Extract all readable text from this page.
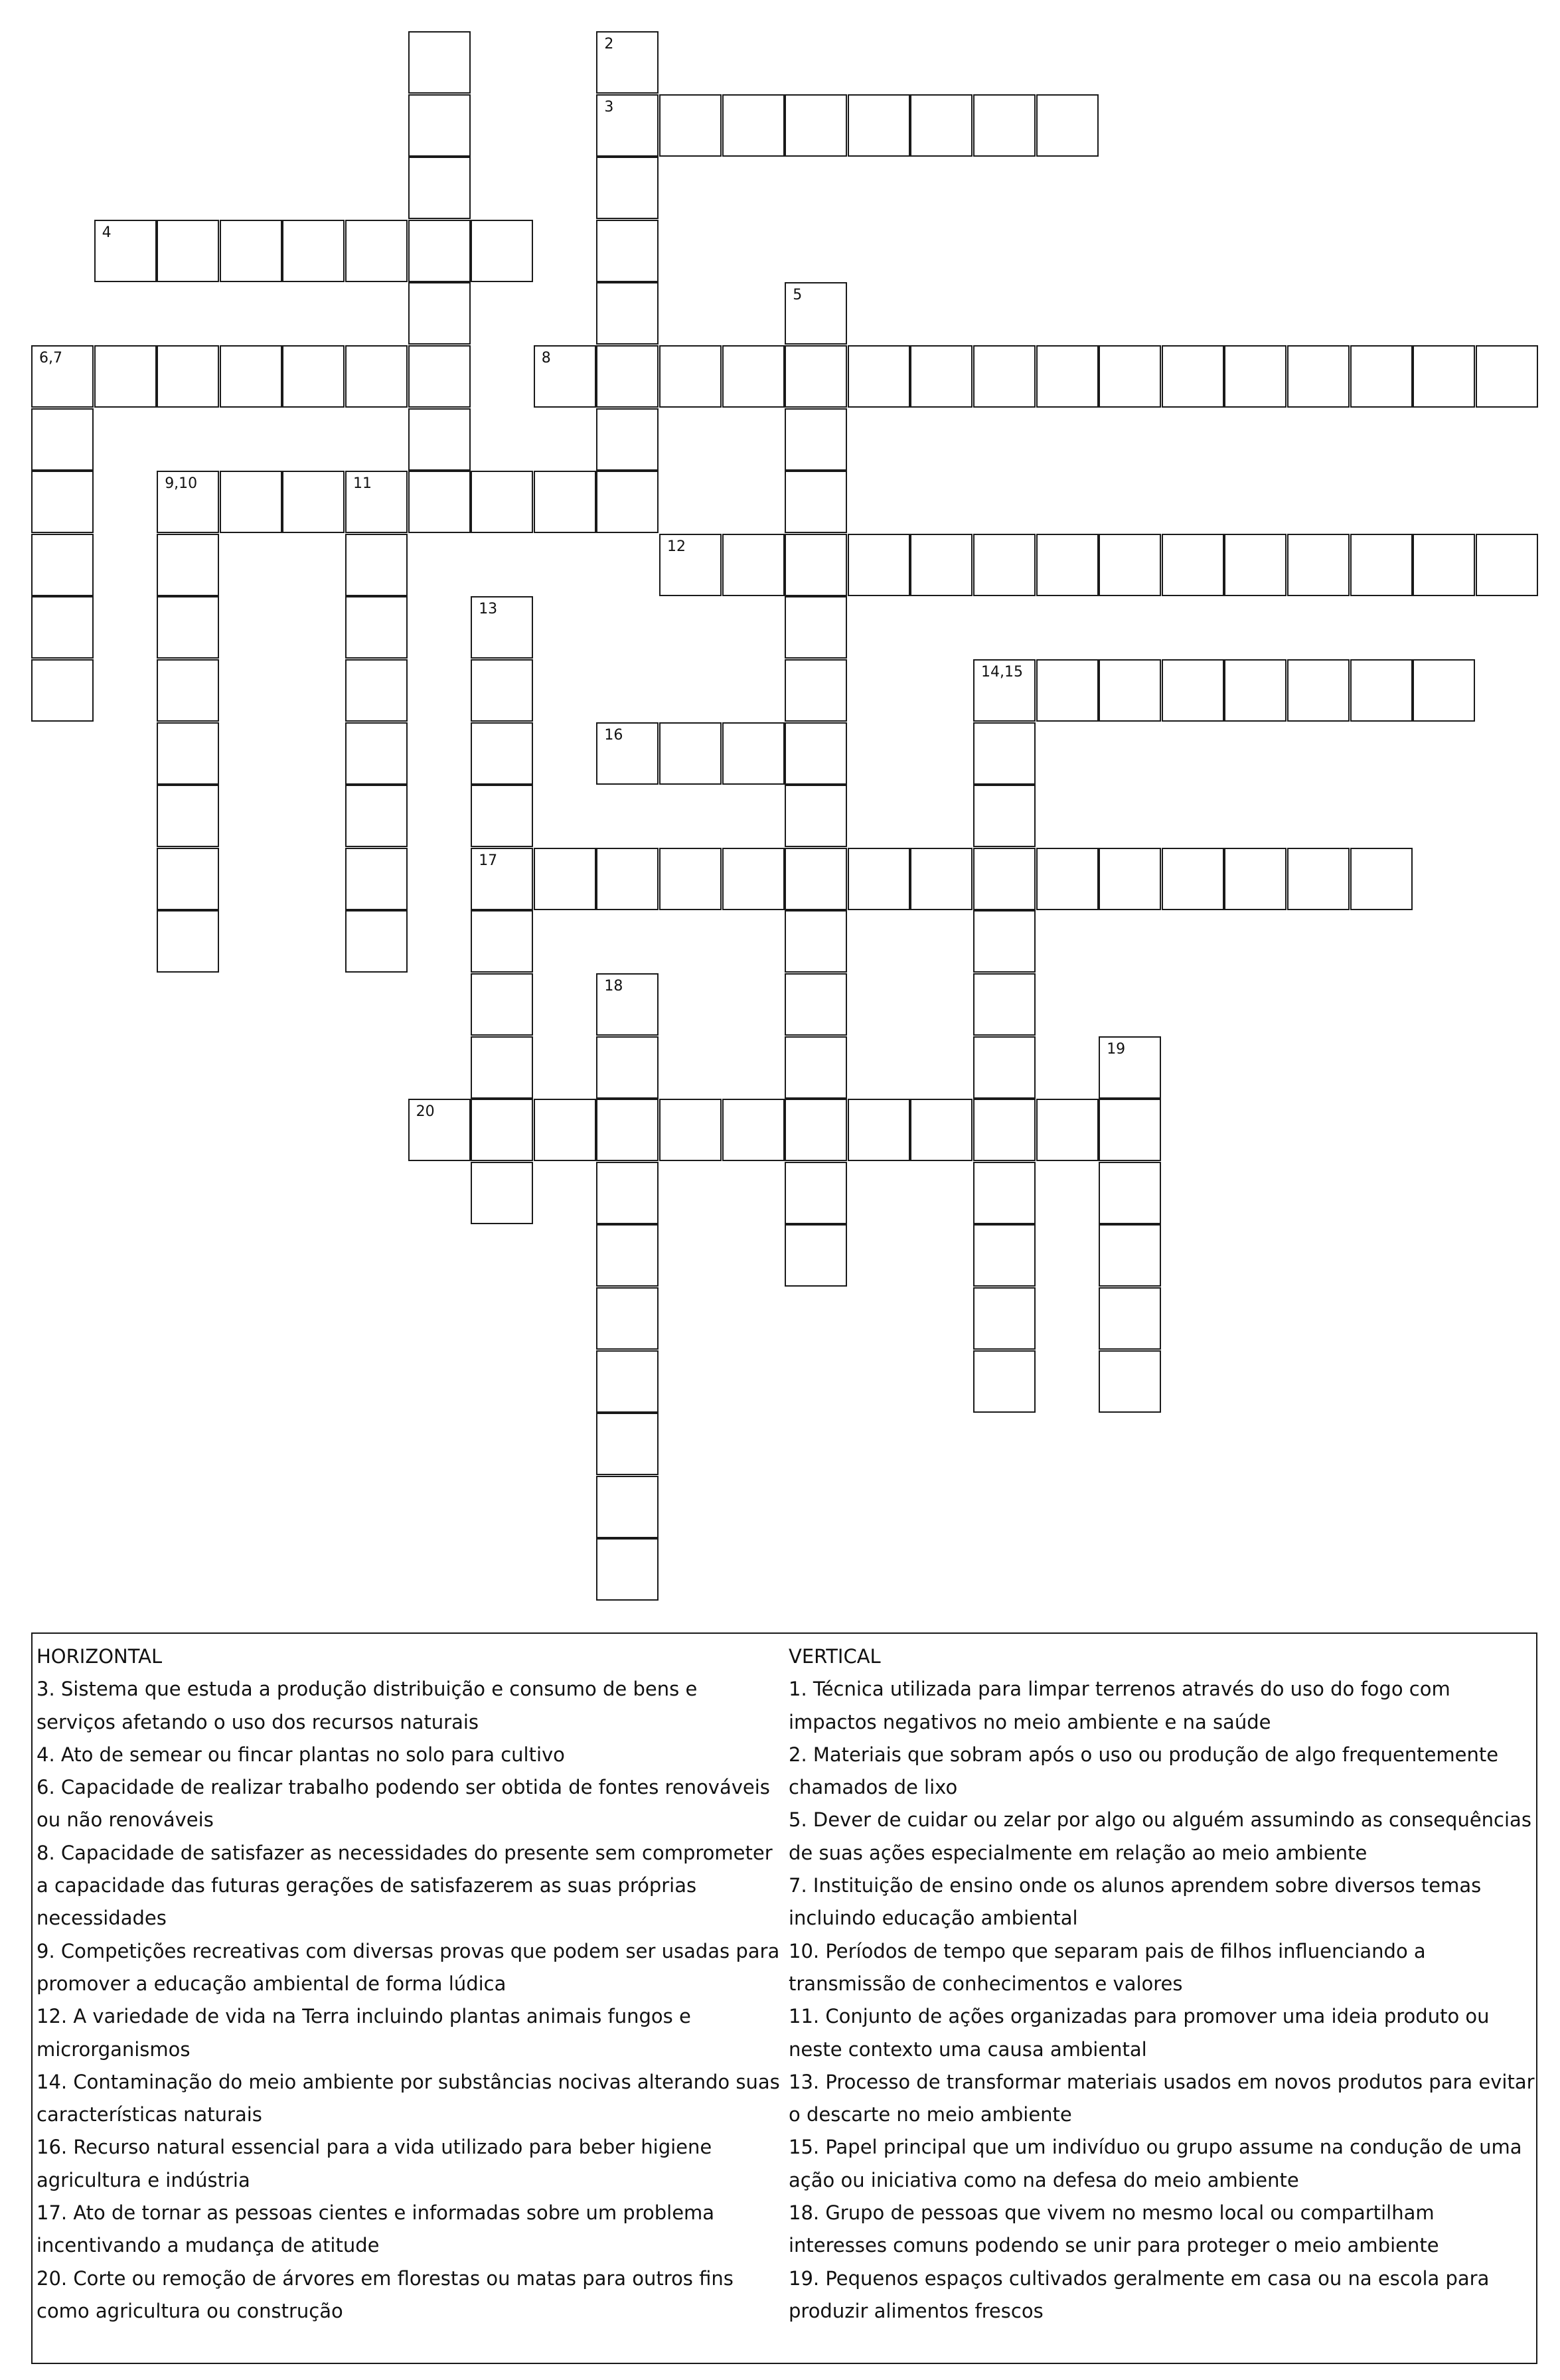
2
3
4
5
6,7	8
9,10	11
12
13
14,15
16
17
18
19
20

HORIZONTAL

3. Sistema que estuda a produção distribuição e consumo de bens e serviços afetando o uso dos recursos naturais

4. Ato de semear ou fincar plantas no solo para cultivo

6. Capacidade de realizar trabalho podendo ser obtida de fontes renováveis ou não renováveis

8. Capacidade de satisfazer as necessidades do presente sem comprometer a capacidade das futuras gerações de satisfazerem as suas próprias necessidades

9. Competições recreativas com diversas provas que podem ser usadas para promover a educação ambiental de forma lúdica

12. A variedade de vida na Terra incluindo plantas animais fungos e microrganismos

14. Contaminação do meio ambiente por substâncias nocivas alterando suas características naturais

16. Recurso natural essencial para a vida utilizado para beber higiene agricultura e indústria

17. Ato de tornar as pessoas cientes e informadas sobre um problema incentivando a mudança de atitude

20. Corte ou remoção de árvores em florestas ou matas para outros fins como agricultura ou construção

VERTICAL

1. Técnica utilizada para limpar terrenos através do uso do fogo com impactos negativos no meio ambiente e na saúde

2. Materiais que sobram após o uso ou produção de algo frequentemente chamados de lixo

5. Dever de cuidar ou zelar por algo ou alguém assumindo as consequências de suas ações especialmente em relação ao meio ambiente

7. Instituição de ensino onde os alunos aprendem sobre diversos temas incluindo educação ambiental

10. Períodos de tempo que separam pais de filhos influenciando a transmissão de conhecimentos e valores

11. Conjunto de ações organizadas para promover uma ideia produto ou neste contexto uma causa ambiental

13. Processo de transformar materiais usados em novos produtos para evitar o descarte no meio ambiente

15. Papel principal que um indivíduo ou grupo assume na condução de uma ação ou iniciativa como na defesa do meio ambiente

18. Grupo de pessoas que vivem no mesmo local ou compartilham interesses comuns podendo se unir para proteger o meio ambiente

19. Pequenos espaços cultivados geralmente em casa ou na escola para produzir alimentos frescos
